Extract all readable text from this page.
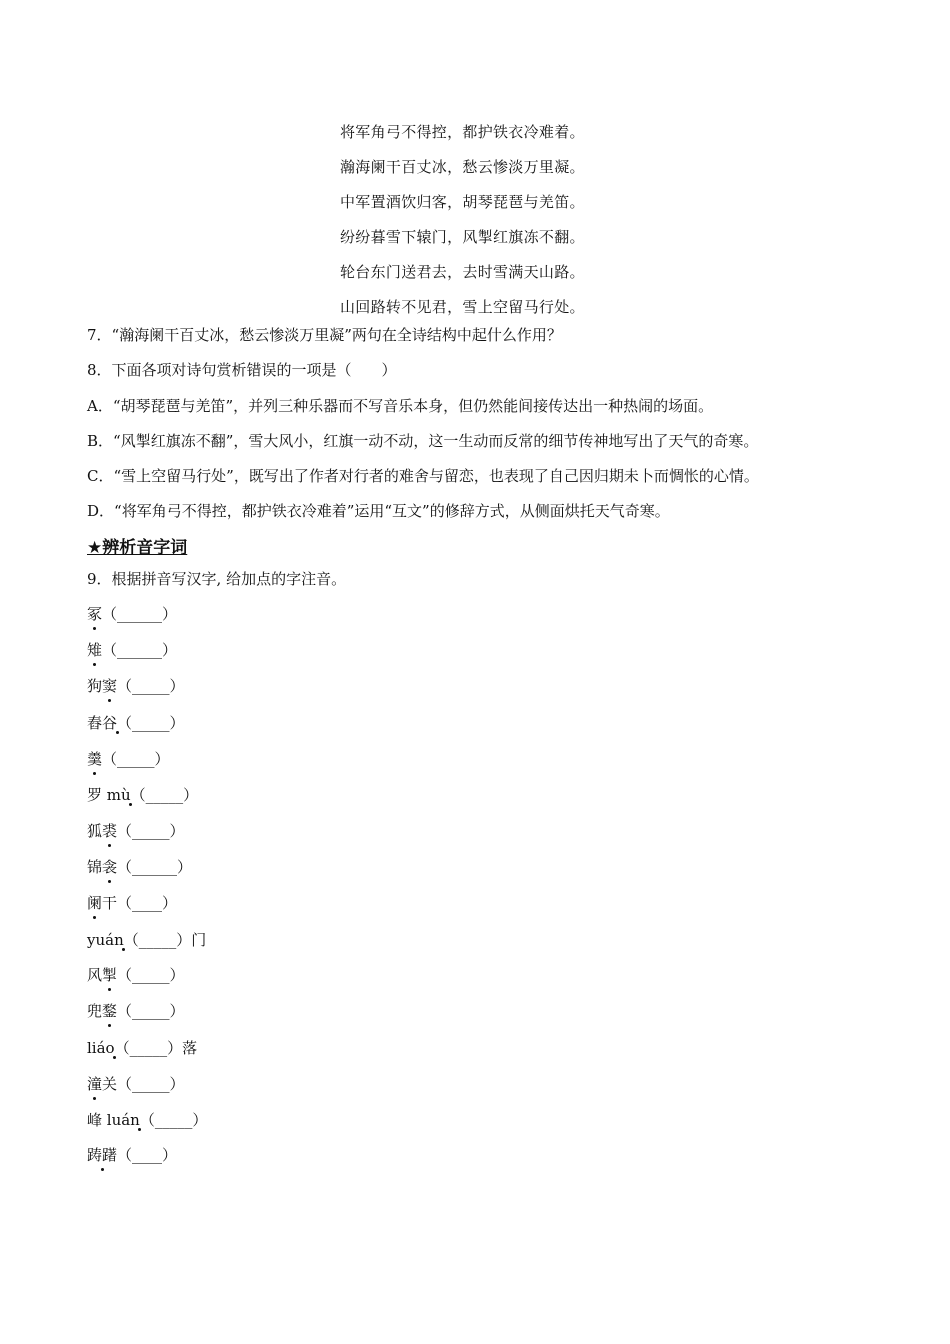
将军角弓不得控，都护铁衣冷难着。
瀚海阑干百丈冰，愁云惨淡万里凝。
中军置酒饮归客，胡琴琵琶与羌笛。
纷纷暮雪下辕门，风掣红旗冻不翻。
轮台东门送君去，去时雪满天山路。
山回路转不见君，雪上空留马行处。
7．“瀚海阑干百丈冰，愁云惨淡万里凝”两句在全诗结构中起什么作用？
8．下面各项对诗句赏析错误的一项是（　　）
A．“胡琴琵琶与羌笛”，并列三种乐器而不写音乐本身，但仍然能间接传达出一种热闹的场面。
B．“风掣红旗冻不翻”，雪大风小，红旗一动不动，这一生动而反常的细节传神地写出了天气的奇寒。
C．“雪上空留马行处”，既写出了作者对行者的难舍与留恋，也表现了自己因归期未卜而惆怅的心情。
D．“将军角弓不得控，都护铁衣冷难着”运用“互文”的修辞方式，从侧面烘托天气奇寒。
★辨析音字词
9．根据拼音写汉字, 给加点的字注音。
冢（______）
雉（______）
狗窦（_____）
舂谷（_____）
羹（_____）
罗 mù（_____）
狐裘（_____）
锦衾（______）
阑干（____）
yuán（_____）门
风掣（_____）
兜鍪（_____）
liáo（_____）落
潼关（_____）
峰 luán（_____）
踌躇（____）
